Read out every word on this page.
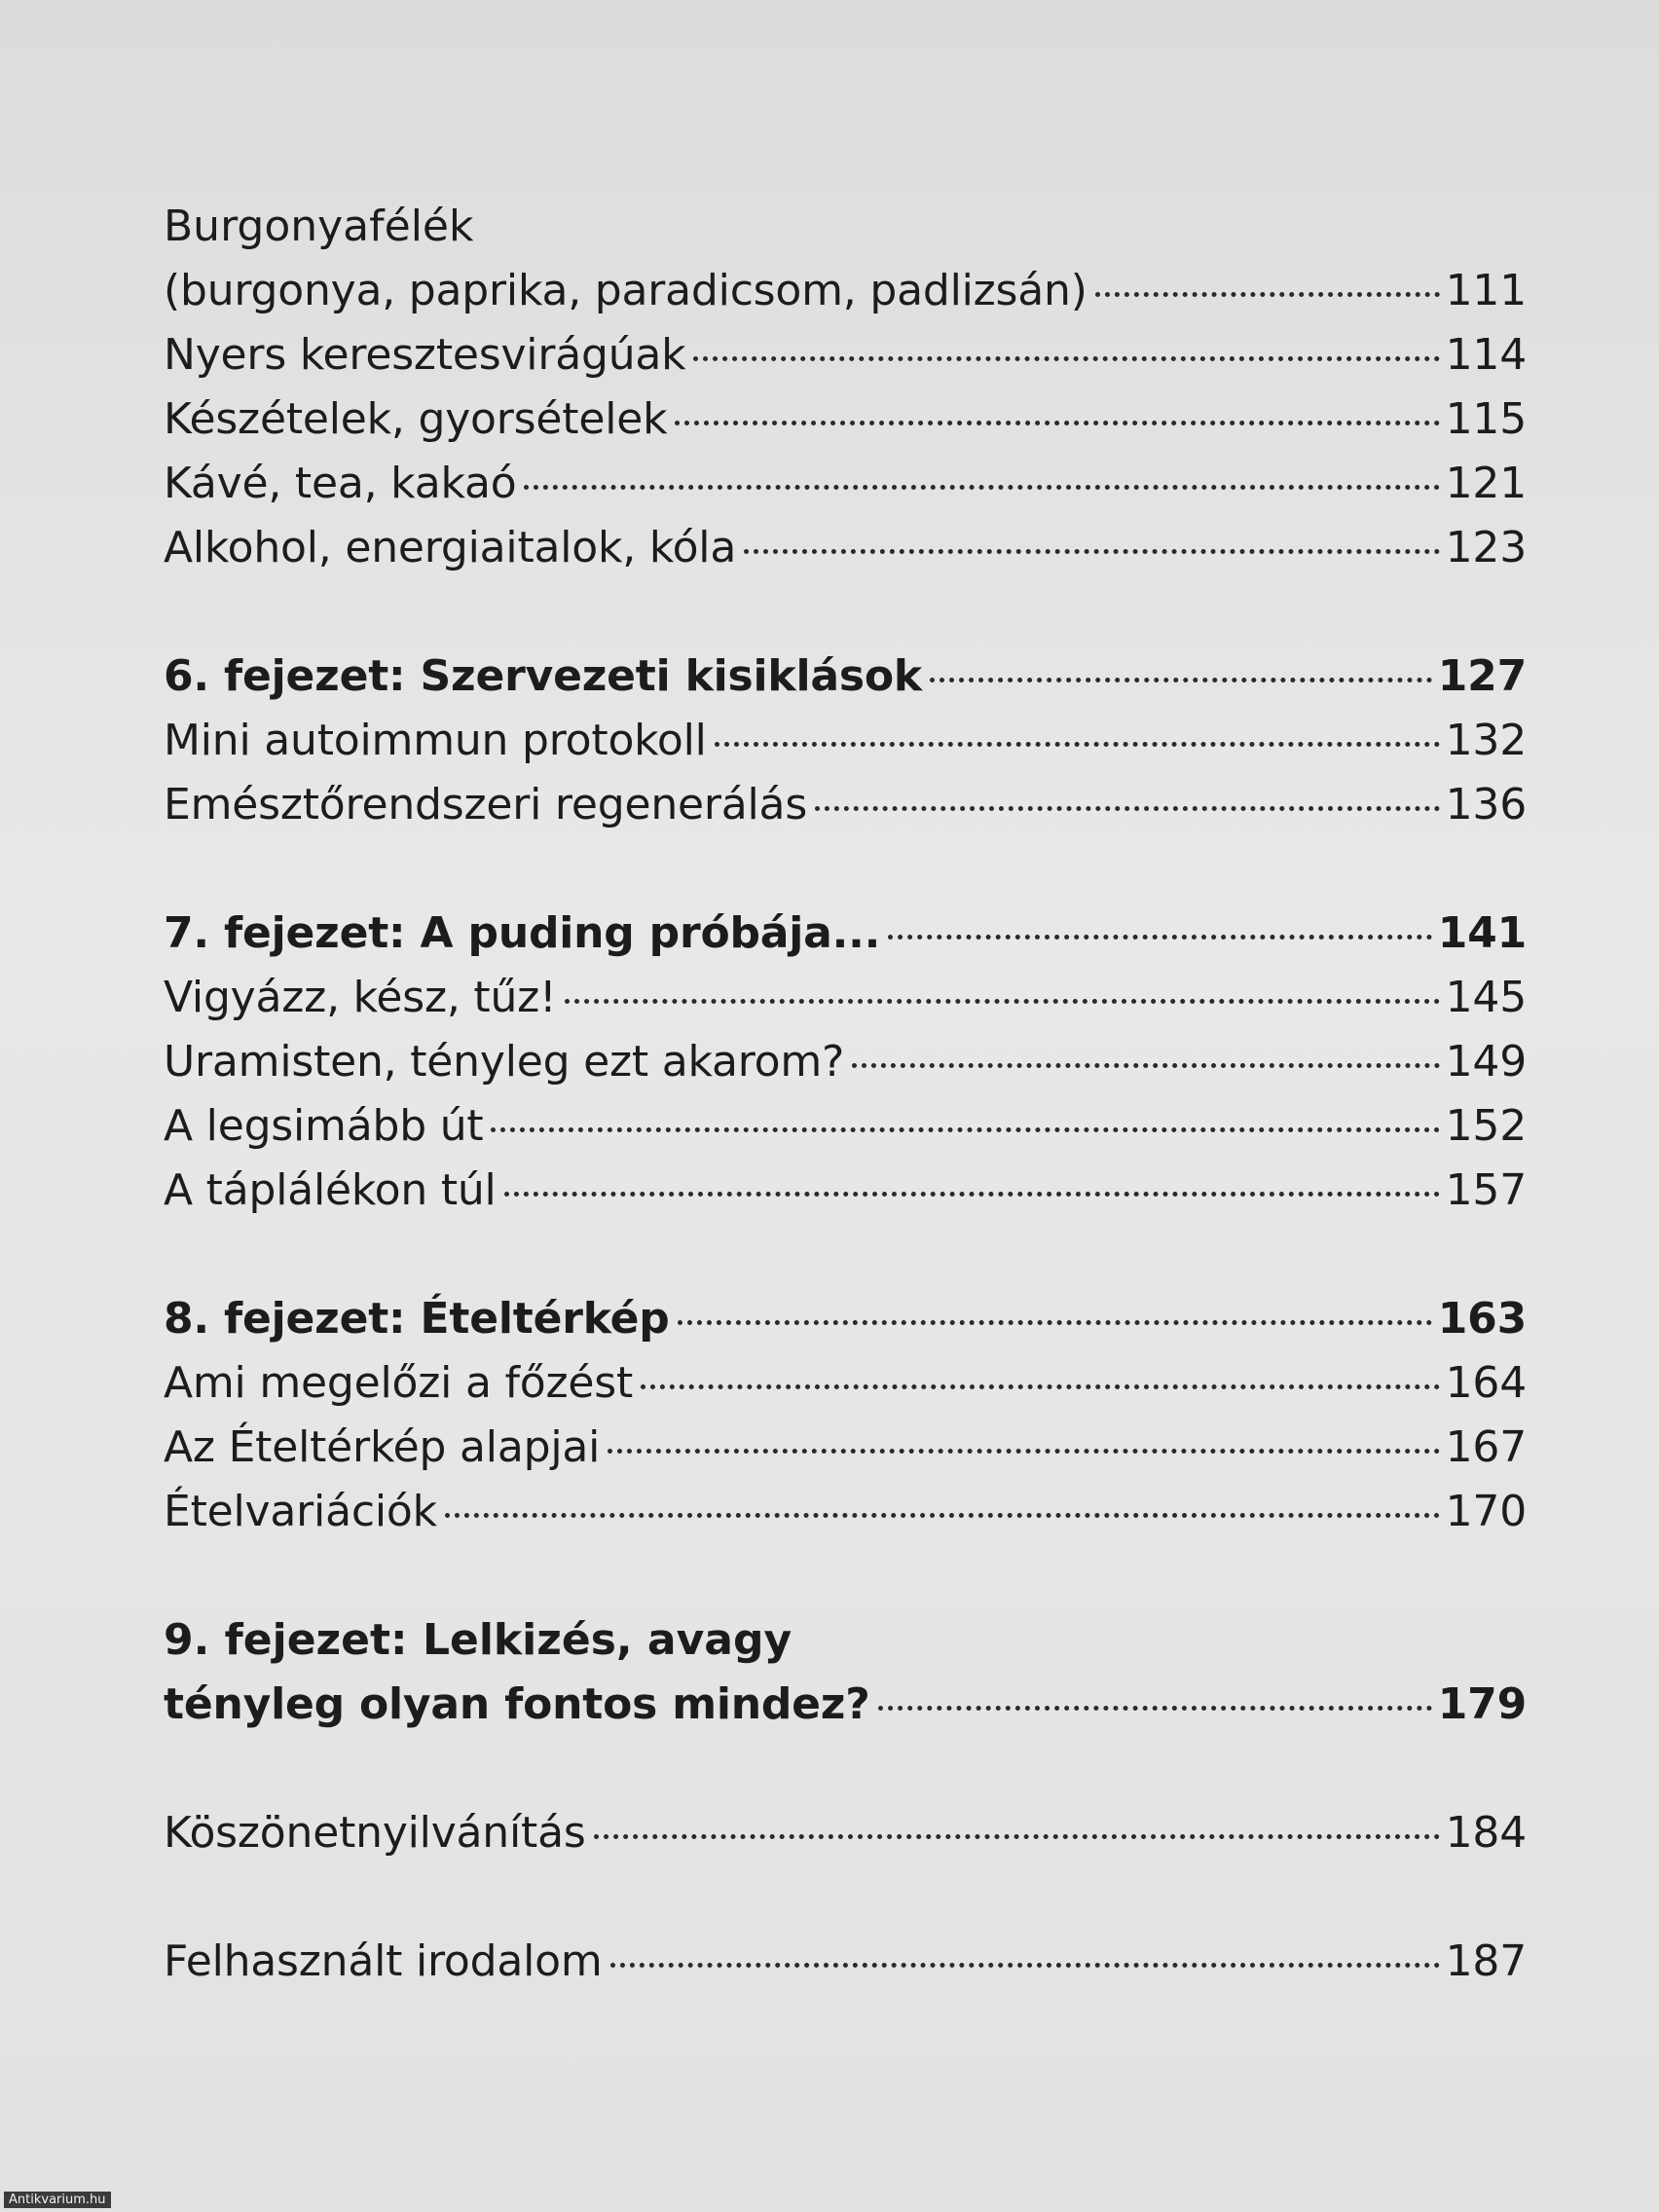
Burgonyafélék
(burgonya, paprika, paradicsom, padlizsán)	111
Nyers keresztesvirágúak	114
Készételek, gyorsételek	115
Kávé, tea, kakaó	121
Alkohol, energiaitalok, kóla	123
6. fejezet: Szervezeti kisiklások	127
Mini autoimmun protokoll	132
Emésztőrendszeri regenerálás	136
7. fejezet: A puding próbája...	141
Vigyázz, kész, tűz!	145
Uramisten, tényleg ezt akarom?	149
A legsimább út	152
A táplálékon túl	157
8. fejezet: Ételtérkép	163
Ami megelőzi a főzést	164
Az Ételtérkép alapjai	167
Ételvariációk	170
9. fejezet: Lelkizés, avagy
tényleg olyan fontos mindez?	179
Köszönetnyilvánítás	184
Felhasznált irodalom	187
Antikvarium.hu
